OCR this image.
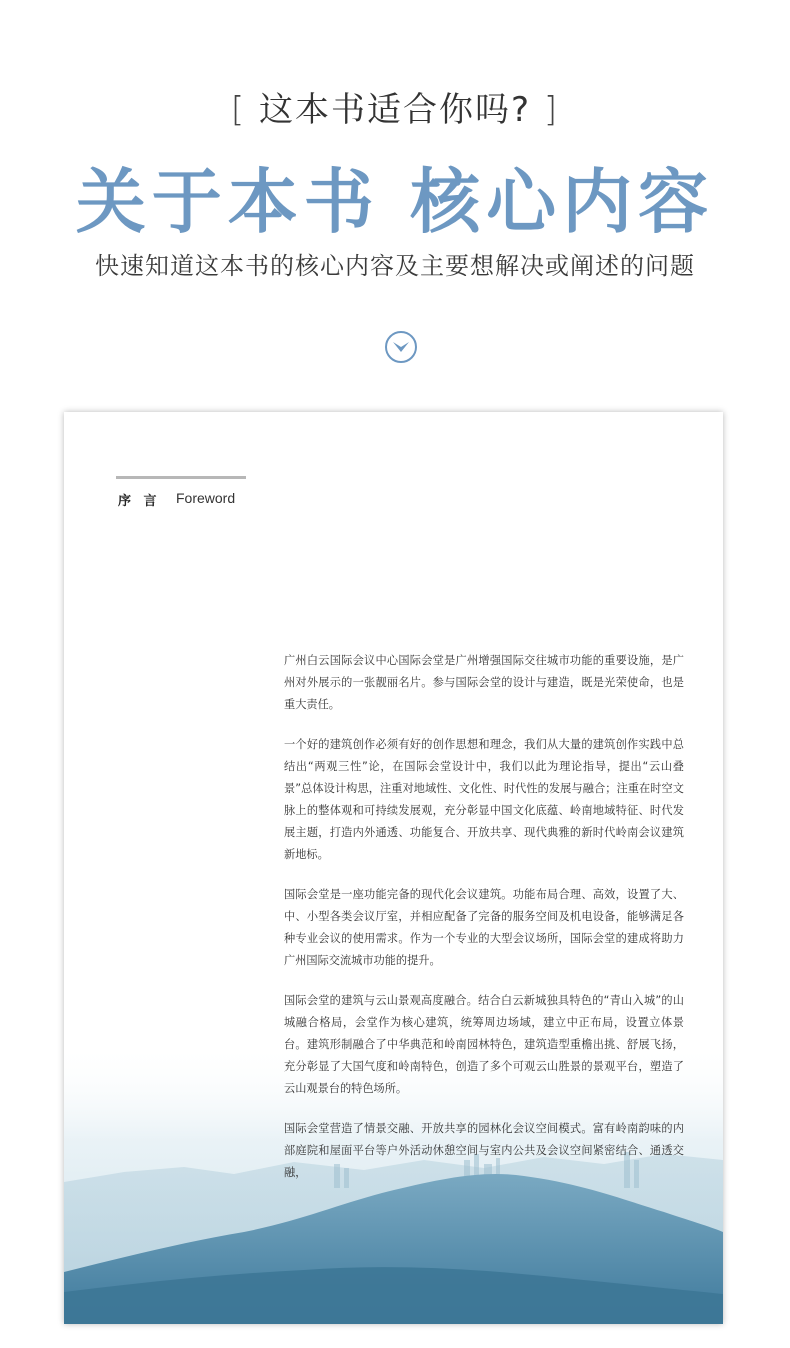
[ 这本书适合你吗? ]
关于本书 核心内容
快速知道这本书的核心内容及主要想解决或阐述的问题
序 言 Foreword

广州白云国际会议中心国际会堂是广州增强国际交往城市功能的重要设施，是广州对外展示的一张靓丽名片。参与国际会堂的设计与建造，既是光荣使命，也是重大责任。

一个好的建筑创作必须有好的创作思想和理念，我们从大量的建筑创作实践中总结出“两观三性”论，在国际会堂设计中，我们以此为理论指导，提出“云山叠景”总体设计构思，注重对地域性、文化性、时代性的发展与融合；注重在时空文脉上的整体观和可持续发展观，充分彰显中国文化底蕴、岭南地域特征、时代发展主题，打造内外通透、功能复合、开放共享、现代典雅的新时代岭南会议建筑新地标。

国际会堂是一座功能完备的现代化会议建筑。功能布局合理、高效，设置了大、中、小型各类会议厅室，并相应配备了完备的服务空间及机电设备，能够满足各种专业会议的使用需求。作为一个专业的大型会议场所，国际会堂的建成将助力广州国际交流城市功能的提升。

国际会堂的建筑与云山景观高度融合。结合白云新城独具特色的“青山入城”的山城融合格局，会堂作为核心建筑，统筹周边场域，建立中正布局，设置立体景台。建筑形制融合了中华典范和岭南园林特色，建筑造型重檐出挑、舒展飞扬，充分彰显了大国气度和岭南特色，创造了多个可观云山胜景的景观平台，塑造了云山观景台的特色场所。

国际会堂营造了情景交融、开放共享的园林化会议空间模式。富有岭南韵味的内部庭院和屋面平台等户外活动休憩空间与室内公共及会议空间紧密结合、通透交融，
